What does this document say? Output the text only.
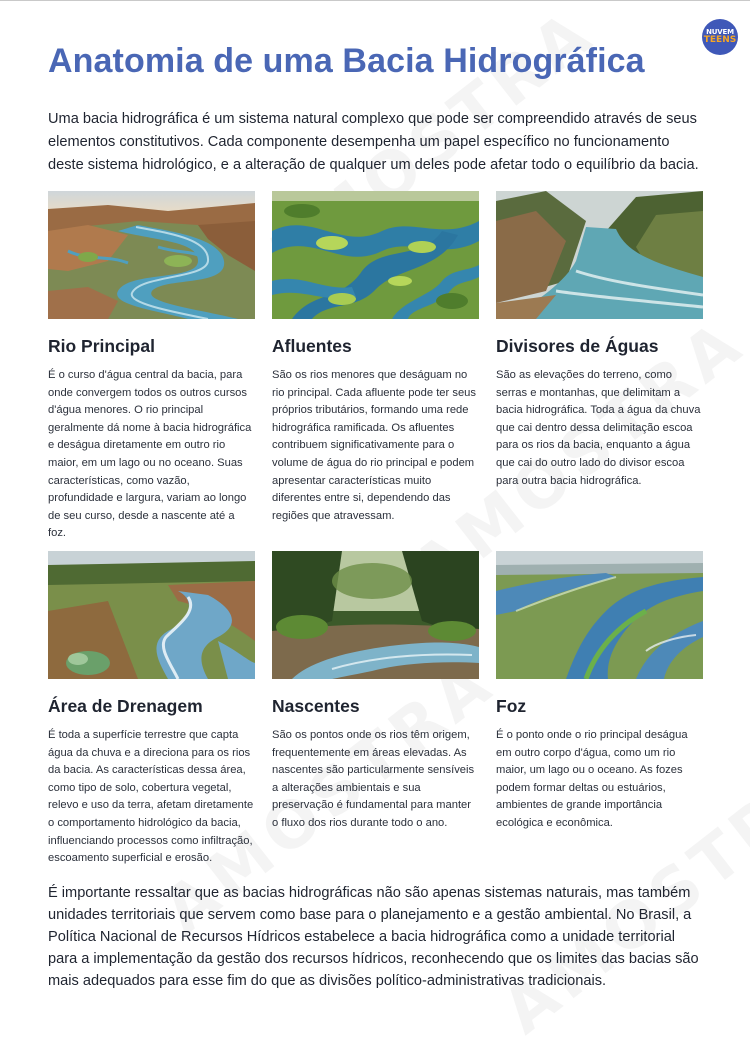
NUVEM
TEENS
Anatomia de uma Bacia Hidrográfica

Uma bacia hidrográfica é um sistema natural complexo que pode ser compreendido através de seus elementos constitutivos. Cada componente desempenha um papel específico no funcionamento deste sistema hidrológico, e a alteração de qualquer um deles pode afetar todo o equilíbrio da bacia.

Rio Principal

É o curso d'água central da bacia, para onde convergem todos os outros cursos d'água menores. O rio principal geralmente dá nome à bacia hidrográfica e deságua diretamente em outro rio maior, em um lago ou no oceano. Suas características, como vazão, profundidade e largura, variam ao longo de seu curso, desde a nascente até a foz.

Afluentes

São os rios menores que deságuam no rio principal. Cada afluente pode ter seus próprios tributários, formando uma rede hidrográfica ramificada. Os afluentes contribuem significativamente para o volume de água do rio principal e podem apresentar características muito diferentes entre si, dependendo das regiões que atravessam.

Divisores de Águas

São as elevações do terreno, como serras e montanhas, que delimitam a bacia hidrográfica. Toda a água da chuva que cai dentro dessa delimitação escoa para os rios da bacia, enquanto a água que cai do outro lado do divisor escoa para outra bacia hidrográfica.

Área de Drenagem

É toda a superfície terrestre que capta água da chuva e a direciona para os rios da bacia. As características dessa área, como tipo de solo, cobertura vegetal, relevo e uso da terra, afetam diretamente o comportamento hidrológico da bacia, influenciando processos como infiltração, escoamento superficial e erosão.

Nascentes

São os pontos onde os rios têm origem, frequentemente em áreas elevadas. As nascentes são particularmente sensíveis a alterações ambientais e sua preservação é fundamental para manter o fluxo dos rios durante todo o ano.

Foz

É o ponto onde o rio principal deságua em outro corpo d'água, como um rio maior, um lago ou o oceano. As fozes podem formar deltas ou estuários, ambientes de grande importância ecológica e econômica.

É importante ressaltar que as bacias hidrográficas não são apenas sistemas naturais, mas também unidades territoriais que servem como base para o planejamento e a gestão ambiental. No Brasil, a Política Nacional de Recursos Hídricos estabelece a bacia hidrográfica como a unidade territorial para a implementação da gestão dos recursos hídricos, reconhecendo que os limites das bacias são mais adequados para esse fim do que as divisões político-administrativas tradicionais.
